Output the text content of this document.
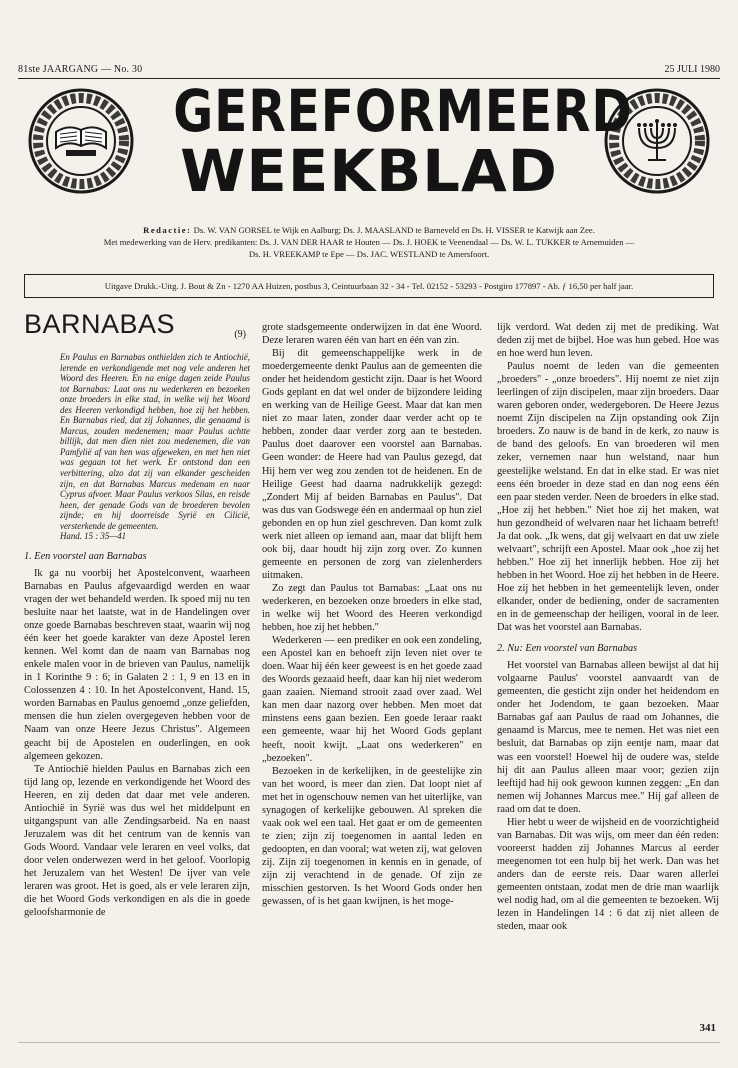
81ste JAARGANG — No. 30	25 JULI 1980
GEREFORMEERD
WEEKBLAD
Redactie: Ds. W. VAN GORSEL te Wijk en Aalburg; Ds. J. MAASLAND te Barneveld en Ds. H. VISSER te Katwijk aan Zee.
Met medewerking van de Herv. predikanten: Ds. J. VAN DER HAAR te Houten — Ds. J. HOEK te Veenendaal — Ds. W. L. TUKKER te Arnemuiden —
Ds. H. VREEKAMP te Epe — Ds. JAC. WESTLAND te Amersfoort.
Uitgave Drukk.-Uitg. J. Bout & Zn - 1270 AA Huizen, postbus 3, Ceintuurbaan 32 - 34 - Tel. 02152 - 53293 - Postgiro 177897 - Ab. ƒ 16,50 per half jaar.
BARNABAS	(9)
En Paulus en Barnabas onthielden zich te Antiochië, lerende en verkondigende met nog vele anderen het Woord des Heeren. En na enige dagen zeide Paulus tot Barnabas: Laat ons nu wederkeren en bezoeken onze broeders in elke stad, in welke wij het Woord des Heeren verkondigd hebben, hoe zij het hebben. En Barnabas ried, dat zij Johannes, die genaamd is Marcus, zouden medenemen; maar Paulus achtte billijk, dat men dien niet zou medenemen, die van Pamfylië af van hen was afgeweken, en met hen niet was gegaan tot het werk. Er ontstond dan een verbittering, alzo dat zij van elkander gescheiden zijn, en dat Barnabas Marcus medenam en naar Cyprus afvoer. Maar Paulus verkoos Silas, en reisde heen, der genade Gods van de broederen bevolen zijnde; en hij doorreisde Syrië en Cilicië, versterkende de gemeenten.
Hand. 15 : 35—41

1. Een voorstel aan Barnabas

Ik ga nu voorbij het Apostelconvent, waarheen Barnabas en Paulus afgevaardigd werden en waar vragen der wet behandeld werden. Ik spoed mij nu ten besluite naar het laatste, wat in de Handelingen over onze goede Barnabas beschreven staat, waarin wij nog één keer het goede karakter van deze Apostel leren kennen. Wel komt dan de naam van Barnabas nog enkele malen voor in de brieven van Paulus, namelijk in 1 Korinthe 9 : 6; in Galaten 2 : 1, 9 en 13 en in Colossenzen 4 : 10. In het Apostelconvent, Hand. 15, worden Barnabas en Paulus genoemd „onze geliefden, mensen die hun zielen overgegeven hebben voor de Naam van onze Heere Jezus Christus". Algemeen geacht bij de Apostelen en ouderlingen, en ook algemeen gekozen.

Te Antiochië hielden Paulus en Barnabas zich een tijd lang op, lezende en verkondigende het Woord des Heeren, en zij deden dat daar met vele anderen. Antiochië in Syrië was dus wel het middelpunt en uitgangspunt van alle Zendingsarbeid. Na en naast Jeruzalem was dit het centrum van de kennis van Gods Woord. Vandaar vele leraren en veel volks, dat door velen onderwezen werd in het geloof. Voorlopig het Jeruzalem van het Westen! De ijver van vele leraren was groot. Het is goed, als er vele leraren zijn, die het Woord Gods verkondigen en als die in goede geloofsharmonie de

grote stadsgemeente onderwijzen in dat ène Woord. Deze leraren waren één van hart en één van zin.

Bij dit gemeenschappelijke werk in de moedergemeente denkt Paulus aan de gemeenten die onder het heidendom gesticht zijn. Daar is het Woord Gods geplant en dat wel onder de bijzondere leiding en werking van de Heilige Geest. Maar dat kan men niet zo maar laten, zonder daar verder acht op te hebben, zonder daar verder zorg aan te besteden. Paulus doet daarover een voorstel aan Barnabas. Geen wonder: de Heere had van Paulus gezegd, dat Hij hem ver weg zou zenden tot de heidenen. En de Heilige Geest had daarna nadrukkelijk gezegd: „Zondert Mij af beiden Barnabas en Paulus". Dat was dus van Godswege één en andermaal op hun ziel gebonden en op hun ziel geschreven. Dan komt zulk werk niet alleen op iemand aan, maar dat blijft hem ook bij, daar houdt hij zijn zorg over. Zo kunnen gemeente en personen de zorg van zielenherders uitmaken.

Zo zegt dan Paulus tot Barnabas: „Laat ons nu wederkeren, en bezoeken onze broeders in elke stad, in welke wij het Woord des Heeren verkondigd hebben, hoe zij het hebben."

Wederkeren — een prediker en ook een zondeling, een Apostel kan en behoeft zijn leven niet over te doen. Waar hij één keer geweest is en het goede zaad des Woords gezaaid heeft, daar kan hij niet wederom gaan zaaien. Niemand strooit zaad over zaad. Wel kan men daar nazorg over hebben. Men moet dat minstens eens gaan bezien. Een goede leraar raakt een gemeente, waar hij het Woord Gods geplant heeft, nooit kwijt. „Laat ons wederkeren" en „bezoeken".

Bezoeken in de kerkelijken, in de geestelijke zin van het woord, is meer dan zien. Dat loopt niet af met het in ogenschouw nemen van het uiterlijke, van synagogen of kerkelijke gebouwen. Al spreken die vaak ook wel een taal. Het gaat er om de gemeenten te zien; zijn zij toegenomen in aantal leden en gedoopten, en dan vooral; wat weten zij, wat geloven zij. Zijn zij toegenomen in kennis en in genade, of zijn zij verachtend in de genade. Of zijn ze misschien gestorven. Is het Woord Gods onder hen gewassen, of is het gaan kwijnen, is het moge-

lijk verdord. Wat deden zij met de prediking. Wat deden zij met de bijbel. Hoe was hun gebed. Hoe was en hoe werd hun leven.

Paulus noemt de leden van die gemeenten „broeders" - „onze broeders". Hij noemt ze niet zijn leerlingen of zijn discipelen, maar zijn broeders. Daar waren geboren onder, wedergeboren. De Heere Jezus noemt Zijn discipelen na Zijn opstanding ook Zijn broeders. Zo nauw is de band in de kerk, zo nauw is de band des geloofs. En van broederen wil men zeker, vernemen naar hun welstand, naar hun geestelijke welstand. En dat in elke stad. Er was niet eens één broeder in deze stad en dan nog eens één een paar steden verder. Neen de broeders in elke stad. „Hoe zij het hebben." Niet hoe zij het maken, wat hun gezondheid of welvaren naar het lichaam betreft! Ja dat ook. „Ik wens, dat gij welvaart en dat uw ziele welvaart", schrijft een Apostel. Maar ook „hoe zij het hebben." Hoe zij het innerlijk hebben. Hoe zij het hebben in het Woord. Hoe zij het hebben in de Heere. Hoe zij het hebben in het gemeentelijk leven, onder elkander, onder de bediening, onder de sacramenten en in de gemeenschap der heiligen, vooral in de leer. Dat was het voorstel aan Barnabas.

2. Nu: Een voorstel van Barnabas

Het voorstel van Barnabas alleen bewijst al dat hij volgaarne Paulus' voorstel aanvaardt van de gemeenten, die gesticht zijn onder het heidendom en onder het Jodendom, te gaan bezoeken. Maar Barnabas gaf aan Paulus de raad om Johannes, die genaamd is Marcus, mee te nemen. Het was niet een besluit, dat Barnabas op zijn eentje nam, maar dat was een voorstel! Hoewel hij de oudere was, stelde hij dit aan Paulus alleen maar voor; gezien zijn leeftijd had hij ook gewoon kunnen zeggen: „En dan nemen wij Johannes Marcus mee." Hij gaf alleen de raad om dat te doen.

Hier hebt u weer de wijsheid en de voorzichtigheid van Barnabas. Dit was wijs, om meer dan één reden: vooreerst hadden zij Johannes Marcus al eerder meegenomen tot een hulp bij het werk. Dan was het anders dan de eerste reis. Daar waren allerlei gemeenten ontstaan, zodat men de drie man waarlijk wel nodig had, om al die gemeenten te bezoeken. Wij lezen in Handelingen 14 : 6 dat zij niet alleen de steden, maar ook

341
